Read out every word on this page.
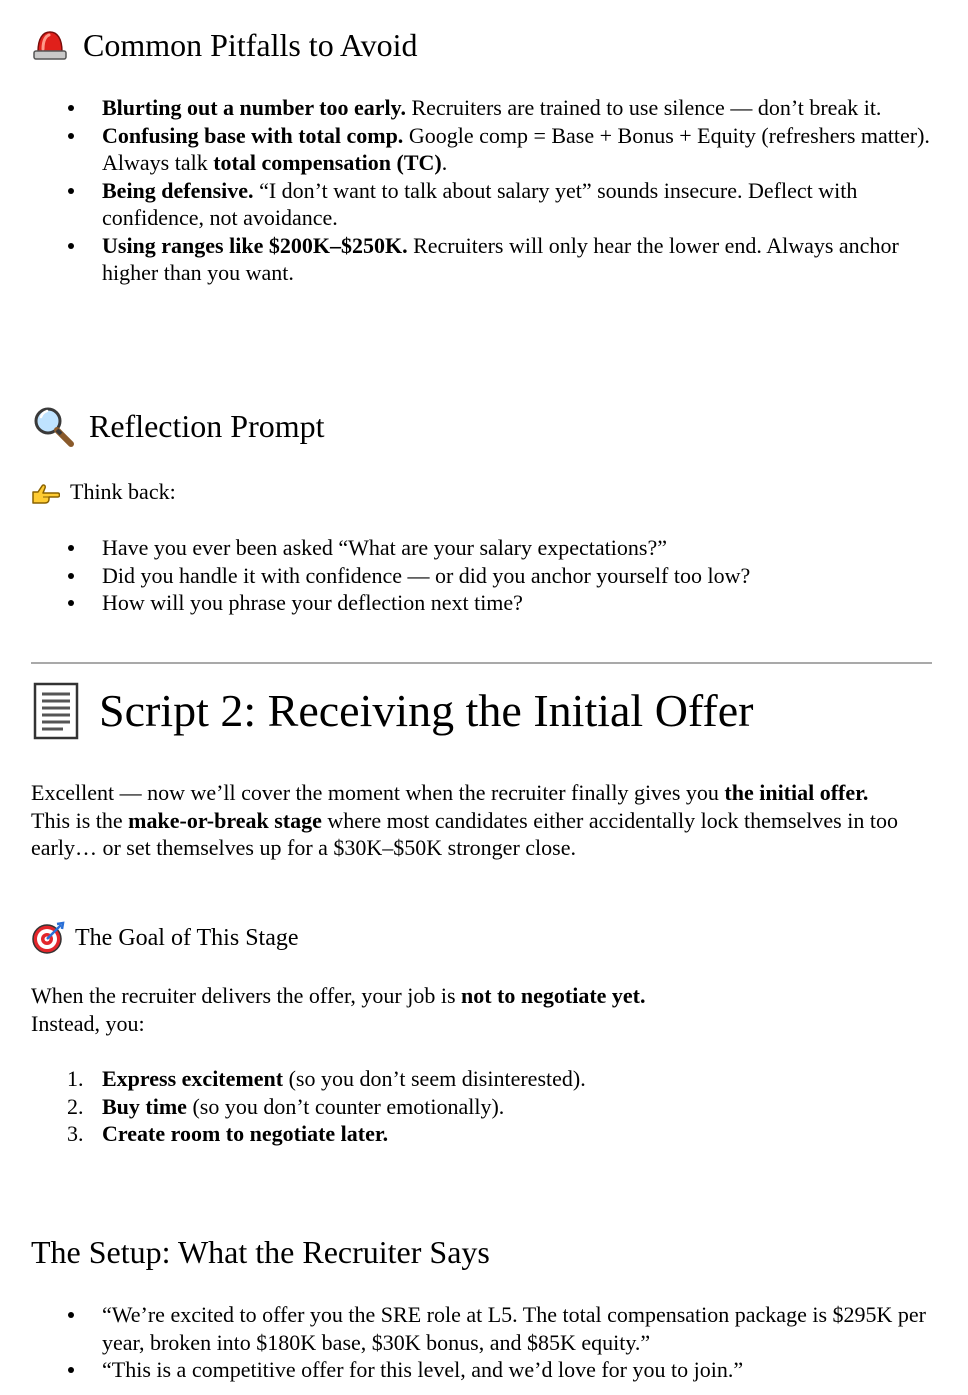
Common Pitfalls to Avoid
Blurting out a number too early. Recruiters are trained to use silence — don’t break it.
Confusing base with total comp. Google comp = Base + Bonus + Equity (refreshers matter). Always talk total compensation (TC).
Being defensive. “I don’t want to talk about salary yet” sounds insecure. Deflect with confidence, not avoidance.
Using ranges like $200K–$250K. Recruiters will only hear the lower end. Always anchor higher than you want.
Reflection Prompt
Think back:
Have you ever been asked “What are your salary expectations?”
Did you handle it with confidence — or did you anchor yourself too low?
How will you phrase your deflection next time?
Script 2: Receiving the Initial Offer

Excellent — now we’ll cover the moment when the recruiter finally gives you the initial offer.

This is the make-or-break stage where most candidates either accidentally lock themselves in too early… or set themselves up for a $30K–$50K stronger close.

The Goal of This Stage

When the recruiter delivers the offer, your job is not to negotiate yet.

Instead, you:

1. Express excitement (so you don’t seem disinterested).
2. Buy time (so you don’t counter emotionally).
3. Create room to negotiate later.
The Setup: What the Recruiter Says
“We’re excited to offer you the SRE role at L5. The total compensation package is $295K per year, broken into $180K base, $30K bonus, and $85K equity.”
“This is a competitive offer for this level, and we’d love for you to join.”
